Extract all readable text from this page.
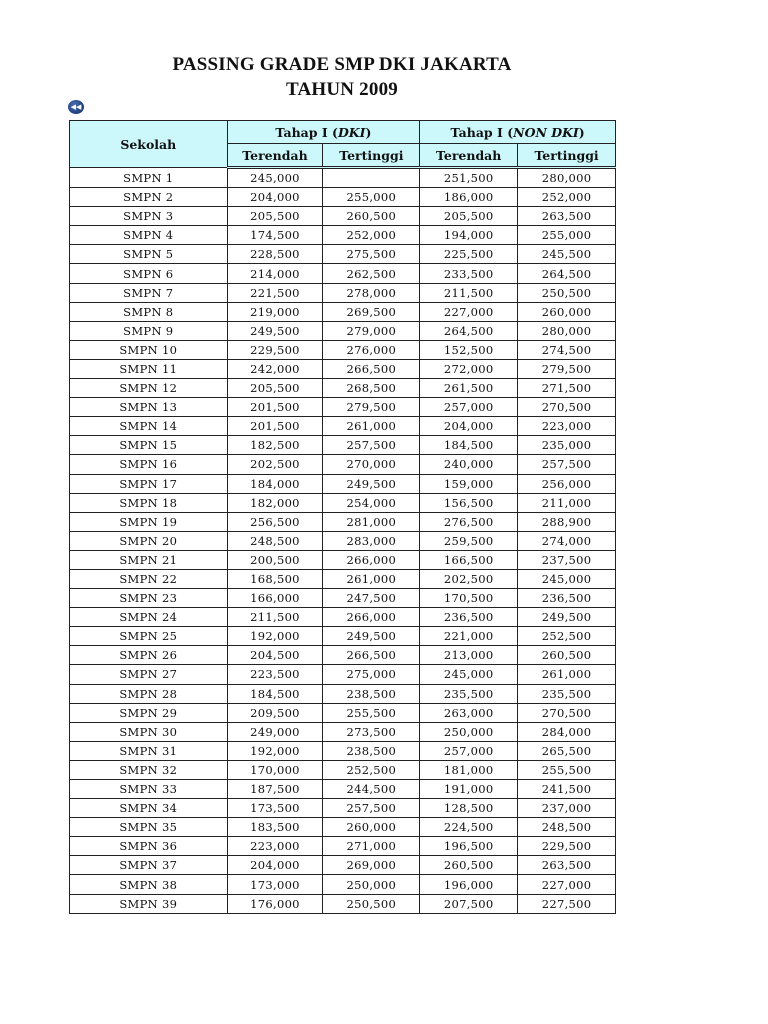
PASSING GRADE SMP DKI JAKARTA
TAHUN 2009
◀◀
Sekolah	Tahap I (DKI)		Tahap I (NON DKI)	
	Terendah	Tertinggi	Terendah	Tertinggi
SMPN 1	245,000		251,500	280,000
SMPN 2	204,000	255,000	186,000	252,000
SMPN 3	205,500	260,500	205,500	263,500
SMPN 4	174,500	252,000	194,000	255,000
SMPN 5	228,500	275,500	225,500	245,500
SMPN 6	214,000	262,500	233,500	264,500
SMPN 7	221,500	278,000	211,500	250,500
SMPN 8	219,000	269,500	227,000	260,000
SMPN 9	249,500	279,000	264,500	280,000
SMPN 10	229,500	276,000	152,500	274,500
SMPN 11	242,000	266,500	272,000	279,500
SMPN 12	205,500	268,500	261,500	271,500
SMPN 13	201,500	279,500	257,000	270,500
SMPN 14	201,500	261,000	204,000	223,000
SMPN 15	182,500	257,500	184,500	235,000
SMPN 16	202,500	270,000	240,000	257,500
SMPN 17	184,000	249,500	159,000	256,000
SMPN 18	182,000	254,000	156,500	211,000
SMPN 19	256,500	281,000	276,500	288,900
SMPN 20	248,500	283,000	259,500	274,000
SMPN 21	200,500	266,000	166,500	237,500
SMPN 22	168,500	261,000	202,500	245,000
SMPN 23	166,000	247,500	170,500	236,500
SMPN 24	211,500	266,000	236,500	249,500
SMPN 25	192,000	249,500	221,000	252,500
SMPN 26	204,500	266,500	213,000	260,500
SMPN 27	223,500	275,000	245,000	261,000
SMPN 28	184,500	238,500	235,500	235,500
SMPN 29	209,500	255,500	263,000	270,500
SMPN 30	249,000	273,500	250,000	284,000
SMPN 31	192,000	238,500	257,000	265,500
SMPN 32	170,000	252,500	181,000	255,500
SMPN 33	187,500	244,500	191,000	241,500
SMPN 34	173,500	257,500	128,500	237,000
SMPN 35	183,500	260,000	224,500	248,500
SMPN 36	223,000	271,000	196,500	229,500
SMPN 37	204,000	269,000	260,500	263,500
SMPN 38	173,000	250,000	196,000	227,000
SMPN 39	176,000	250,500	207,500	227,500
